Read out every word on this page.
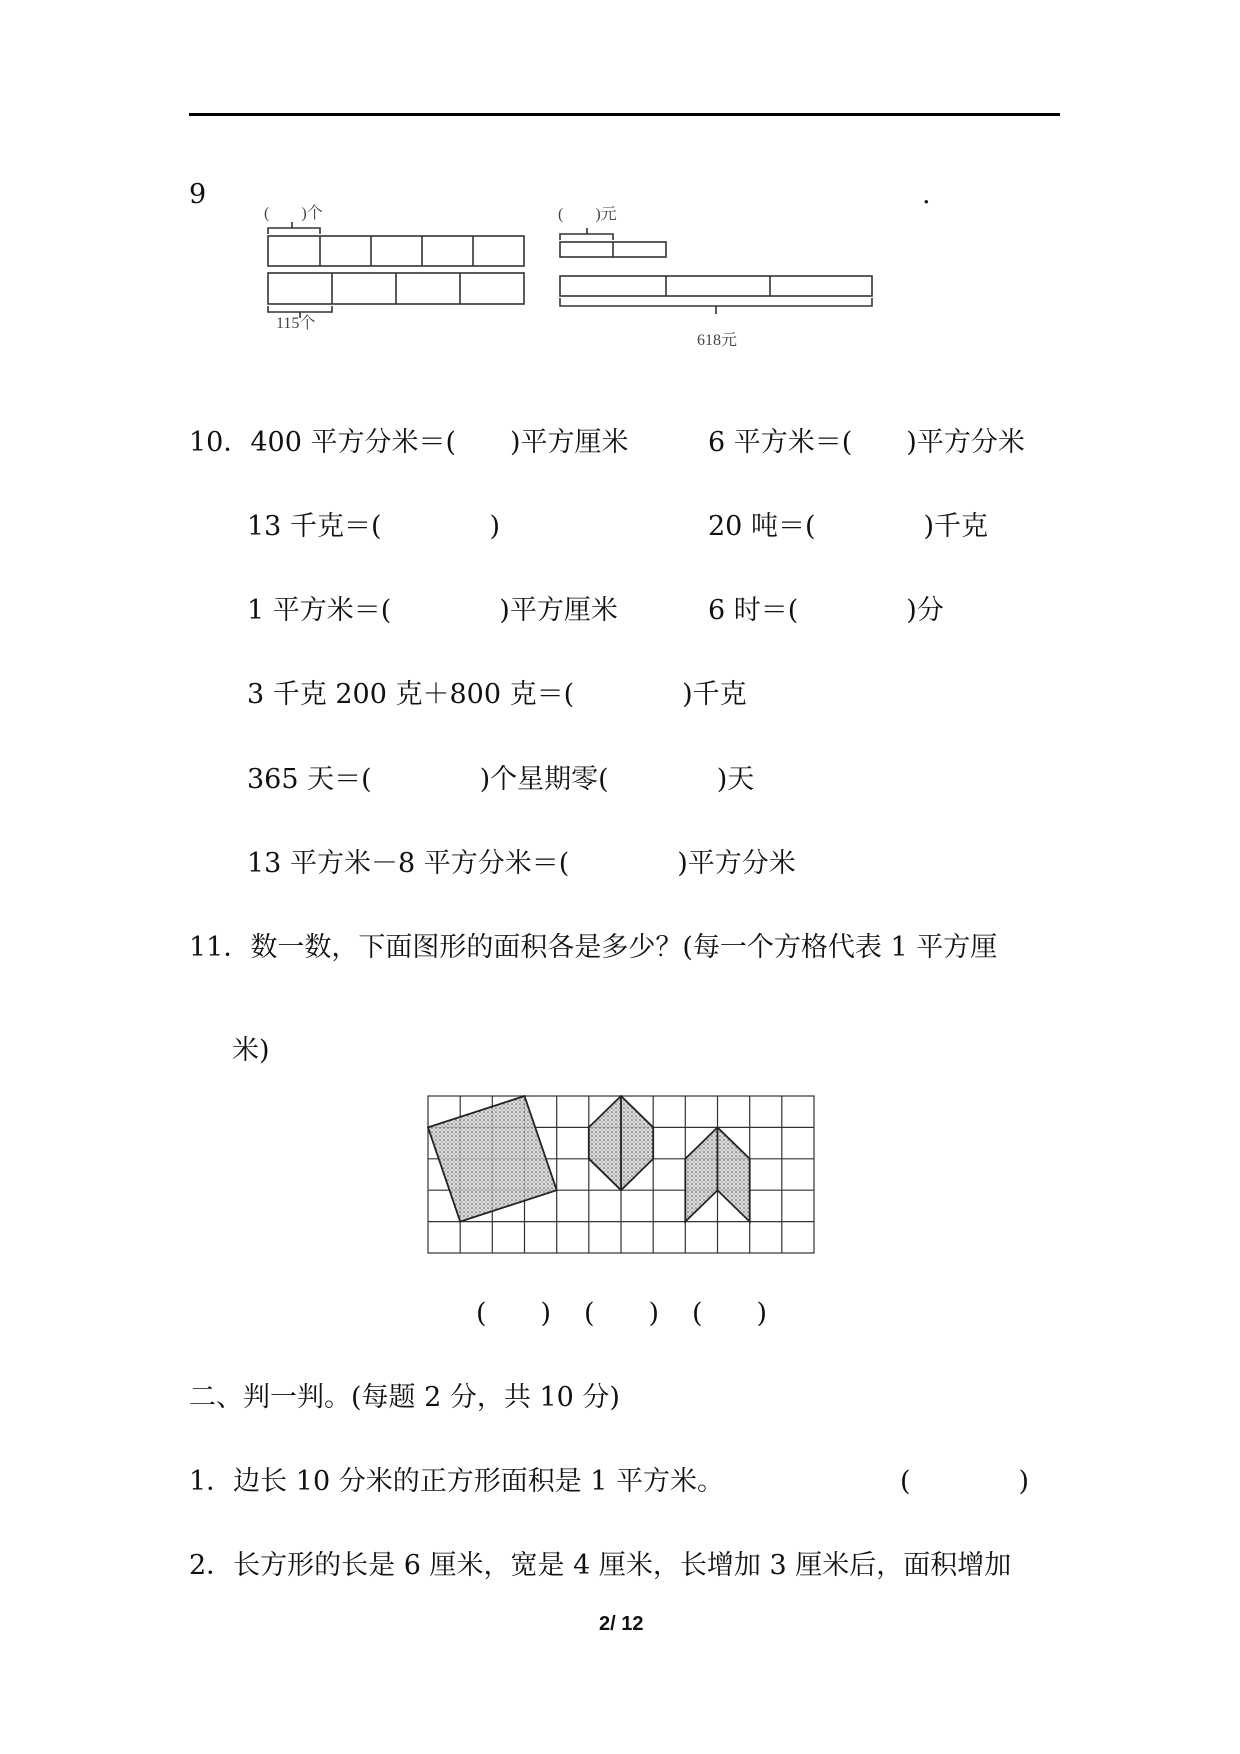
9	.
(　　)个
115个
(　　)元
618元
10．400 平方分米＝(　　)平方厘米	6 平方米＝(　　)平方分米
13 千克＝(　　　　)	20 吨＝(　　　　)千克
1 平方米＝(　　　　)平方厘米	6 时＝(　　　　)分
3 千克 200 克＋800 克＝(　　　　)千克
365 天＝(　　　　)个星期零(　　　　)天
13 平方米－8 平方分米＝(　　　　)平方分米
11．数一数，下面图形的面积各是多少？(每一个方格代表 1 平方厘
米)
(　　) (　　) (　　)
二、判一判。(每题 2 分，共 10 分)
1．边长 10 分米的正方形面积是 1 平方米。	(　　　　)
2．长方形的长是 6 厘米，宽是 4 厘米，长增加 3 厘米后，面积增加
2/ 12
